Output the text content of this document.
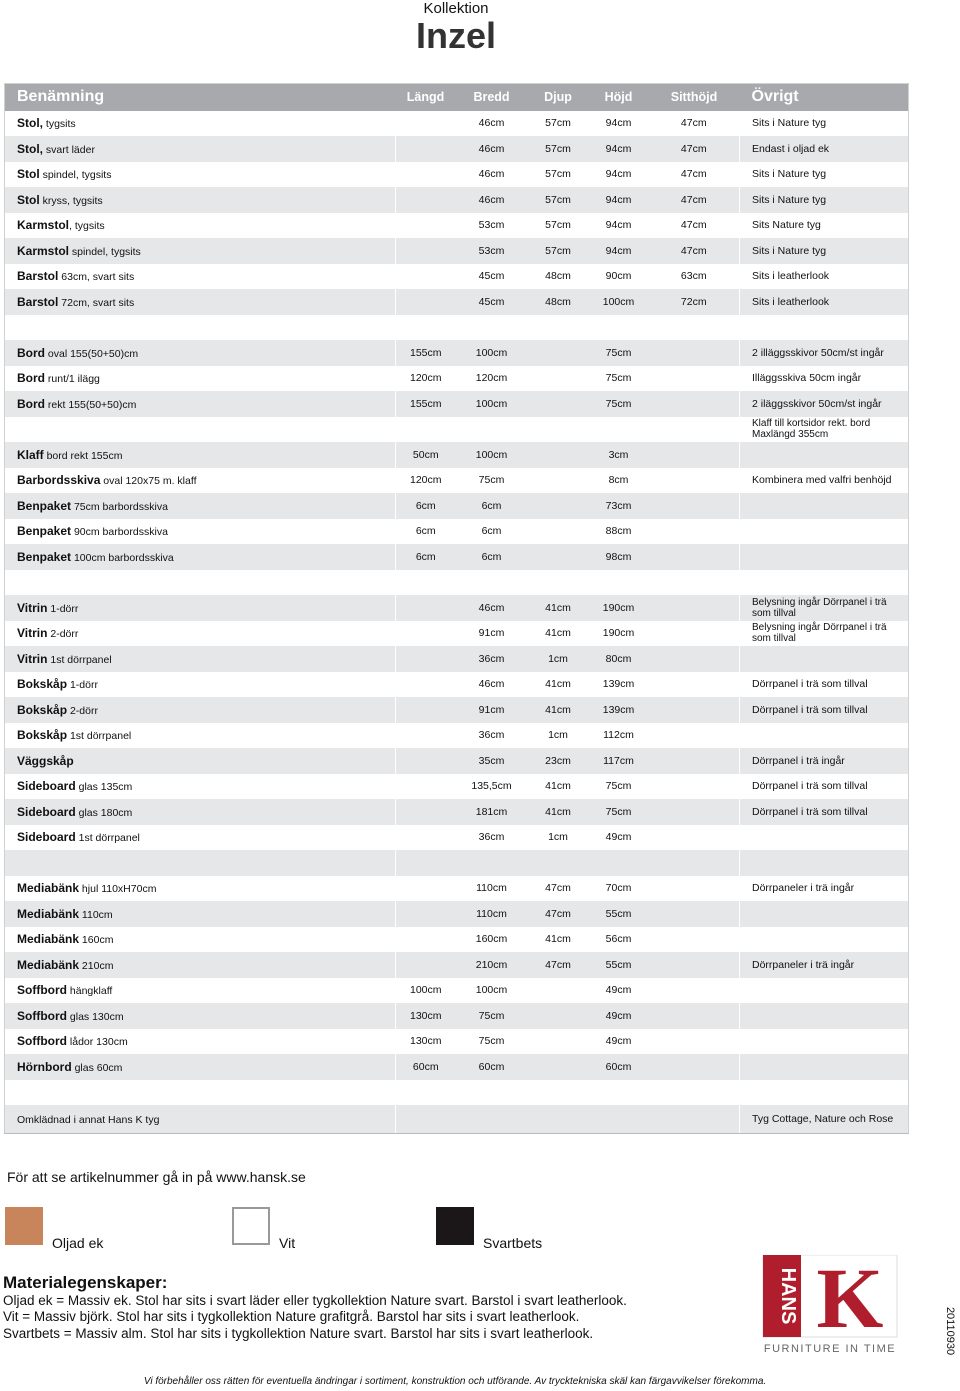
Kollektion
Inzel
Benämning	Längd	Bredd	Djup	Höjd	Sitthöjd	Övrigt
Stol, tygsits		46cm	57cm	94cm	47cm	Sits i Nature tyg
Stol, svart läder		46cm	57cm	94cm	47cm	Endast i oljad ek
Stol spindel, tygsits		46cm	57cm	94cm	47cm	Sits i Nature tyg
Stol kryss, tygsits		46cm	57cm	94cm	47cm	Sits i Nature tyg
Karmstol, tygsits		53cm	57cm	94cm	47cm	Sits Nature tyg
Karmstol spindel, tygsits		53cm	57cm	94cm	47cm	Sits i Nature tyg
Barstol 63cm, svart sits		45cm	48cm	90cm	63cm	Sits i leatherlook
Barstol 72cm, svart sits		45cm	48cm	100cm	72cm	Sits i leatherlook

Bord oval 155(50+50)cm	155cm	100cm		75cm		2 illäggsskivor 50cm/st ingår
Bord runt/1 ilägg	120cm	120cm		75cm		Illäggsskiva 50cm ingår
Bord rekt 155(50+50)cm	155cm	100cm		75cm		2 iläggsskivor 50cm/st ingår
						Klaff till kortsidor rekt. bord Maxlängd 355cm
Klaff bord rekt 155cm	50cm	100cm		3cm		
Barbordsskiva oval 120x75 m. klaff	120cm	75cm		8cm		Kombinera med valfri benhöjd
Benpaket 75cm barbordsskiva	6cm	6cm		73cm		
Benpaket 90cm barbordsskiva	6cm	6cm		88cm		
Benpaket 100cm barbordsskiva	6cm	6cm		98cm		

Vitrin 1-dörr		46cm	41cm	190cm		Belysning ingår Dörrpanel i trä som tillval
Vitrin 2-dörr		91cm	41cm	190cm		Belysning ingår Dörrpanel i trä som tillval
Vitrin 1st dörrpanel		36cm	1cm	80cm		
Bokskåp 1-dörr		46cm	41cm	139cm		Dörrpanel i trä som tillval
Bokskåp 2-dörr		91cm	41cm	139cm		Dörrpanel i trä som tillval
Bokskåp 1st dörrpanel		36cm	1cm	112cm		
Väggskåp		35cm	23cm	117cm		Dörrpanel i trä ingår
Sideboard glas 135cm		135,5cm	41cm	75cm		Dörrpanel i trä som tillval
Sideboard glas 180cm		181cm	41cm	75cm		Dörrpanel i trä som tillval
Sideboard 1st dörrpanel		36cm	1cm	49cm		

Mediabänk hjul 110xH70cm		110cm	47cm	70cm		Dörrpaneler i trä ingår
Mediabänk 110cm		110cm	47cm	55cm		
Mediabänk 160cm		160cm	41cm	56cm		
Mediabänk 210cm		210cm	47cm	55cm		Dörrpaneler i trä ingår
Soffbord hängklaff	100cm	100cm		49cm		
Soffbord glas 130cm	130cm	75cm		49cm		
Soffbord lådor 130cm	130cm	75cm		49cm		
Hörnbord glas 60cm	60cm	60cm		60cm		

Omklädnad i annat Hans K tyg						Tyg Cottage, Nature och Rose
För att se artikelnummer gå in på www.hansk.se
Oljad ek	Vit	Svartbets
Materialegenskaper:
Oljad ek = Massiv ek. Stol har sits i svart läder eller tygkollektion Nature svart. Barstol i svart leatherlook.
Vit = Massiv björk. Stol har sits i tygkollektion Nature grafitgrå. Barstol har sits i svart leatherlook.
Svartbets = Massiv alm. Stol har sits i tygkollektion Nature svart. Barstol har sits i svart leatherlook.
HANS K
FURNITURE IN TIME	20110930
Vi förbehåller oss rätten för eventuella ändringar i sortiment, konstruktion och utförande. Av trycktekniska skäl kan färgavvikelser förekomma.
